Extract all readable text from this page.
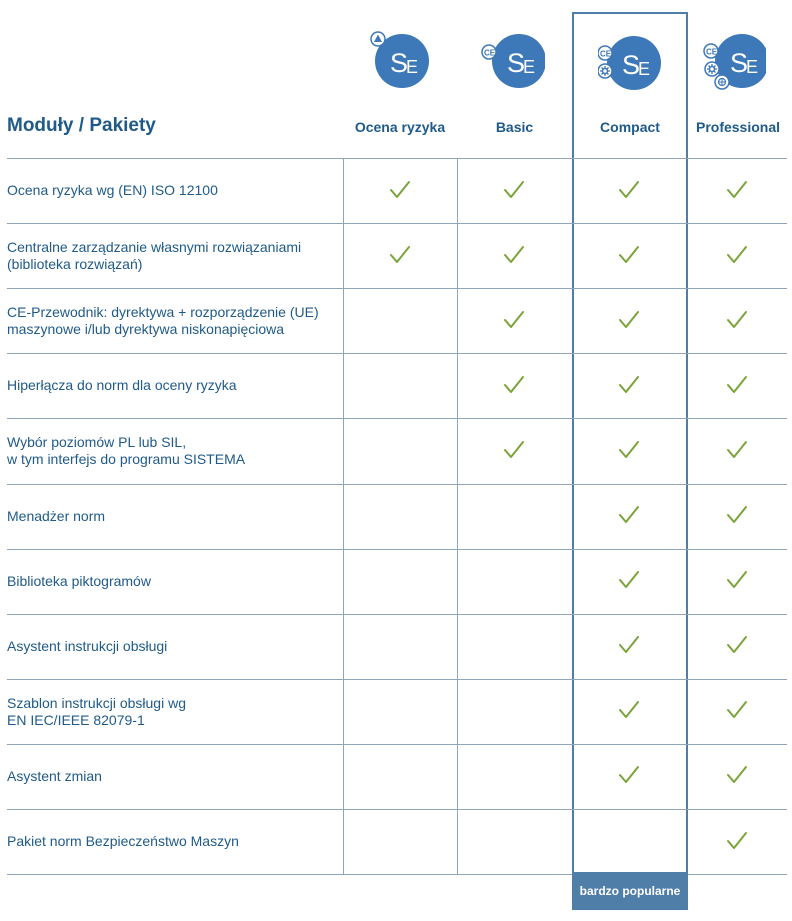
Moduły / Pakiety
S
E
Ocena ryzyka
S
E
CE
Basic
S
E
CE
Compact
S
E
CE
Professional
Ocena ryzyka wg (EN) ISO 12100
Centralne zarządzanie własnymi rozwiązaniami
(biblioteka rozwiązań)
CE-Przewodnik: dyrektywa + rozporządzenie (UE)
maszynowe i/lub dyrektywa niskonapięciowa
Hiperłącza do norm dla oceny ryzyka
Wybór poziomów PL lub SIL,
w tym interfejs do programu SISTEMA
Menadżer norm
Biblioteka piktogramów
Asystent instrukcji obsługi
Szablon instrukcji obsługi wg
EN IEC/IEEE 82079-1
Asystent zmian
Pakiet norm Bezpieczeństwo Maszyn
bardzo popularne
